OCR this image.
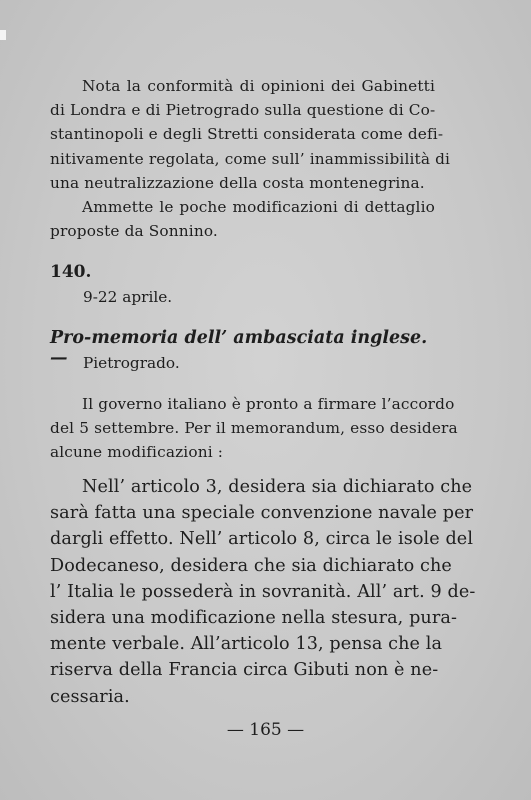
Nota la conformità di opinioni dei Gabinetti
di Londra e di Pietrogrado sulla questione di Co-
stantinopoli e degli Stretti considerata come defi-
nitivamente regolata, come sull’ inammissibilità di
una neutralizzazione della costa montenegrina.
Ammette le poche modificazioni di dettaglio
proposte da Sonnino.
140.
9-22 aprile.
Pro-memoria dell’ ambasciata inglese. —	Pietrogrado.
Il governo italiano è pronto a firmare l’accordo
del 5 settembre. Per il memorandum, esso desidera
alcune modificazioni :
Nell’ articolo 3, desidera sia dichiarato che
sarà fatta una speciale convenzione navale per
dargli effetto. Nell’ articolo 8, circa le isole del
Dodecaneso, desidera che sia dichiarato che
l’ Italia le possederà in sovranità. All’ art. 9 de-
sidera una modificazione nella stesura, pura-
mente verbale. All’articolo 13, pensa che la
riserva della Francia circa Gibuti non è ne-
cessaria.
— 165 —
